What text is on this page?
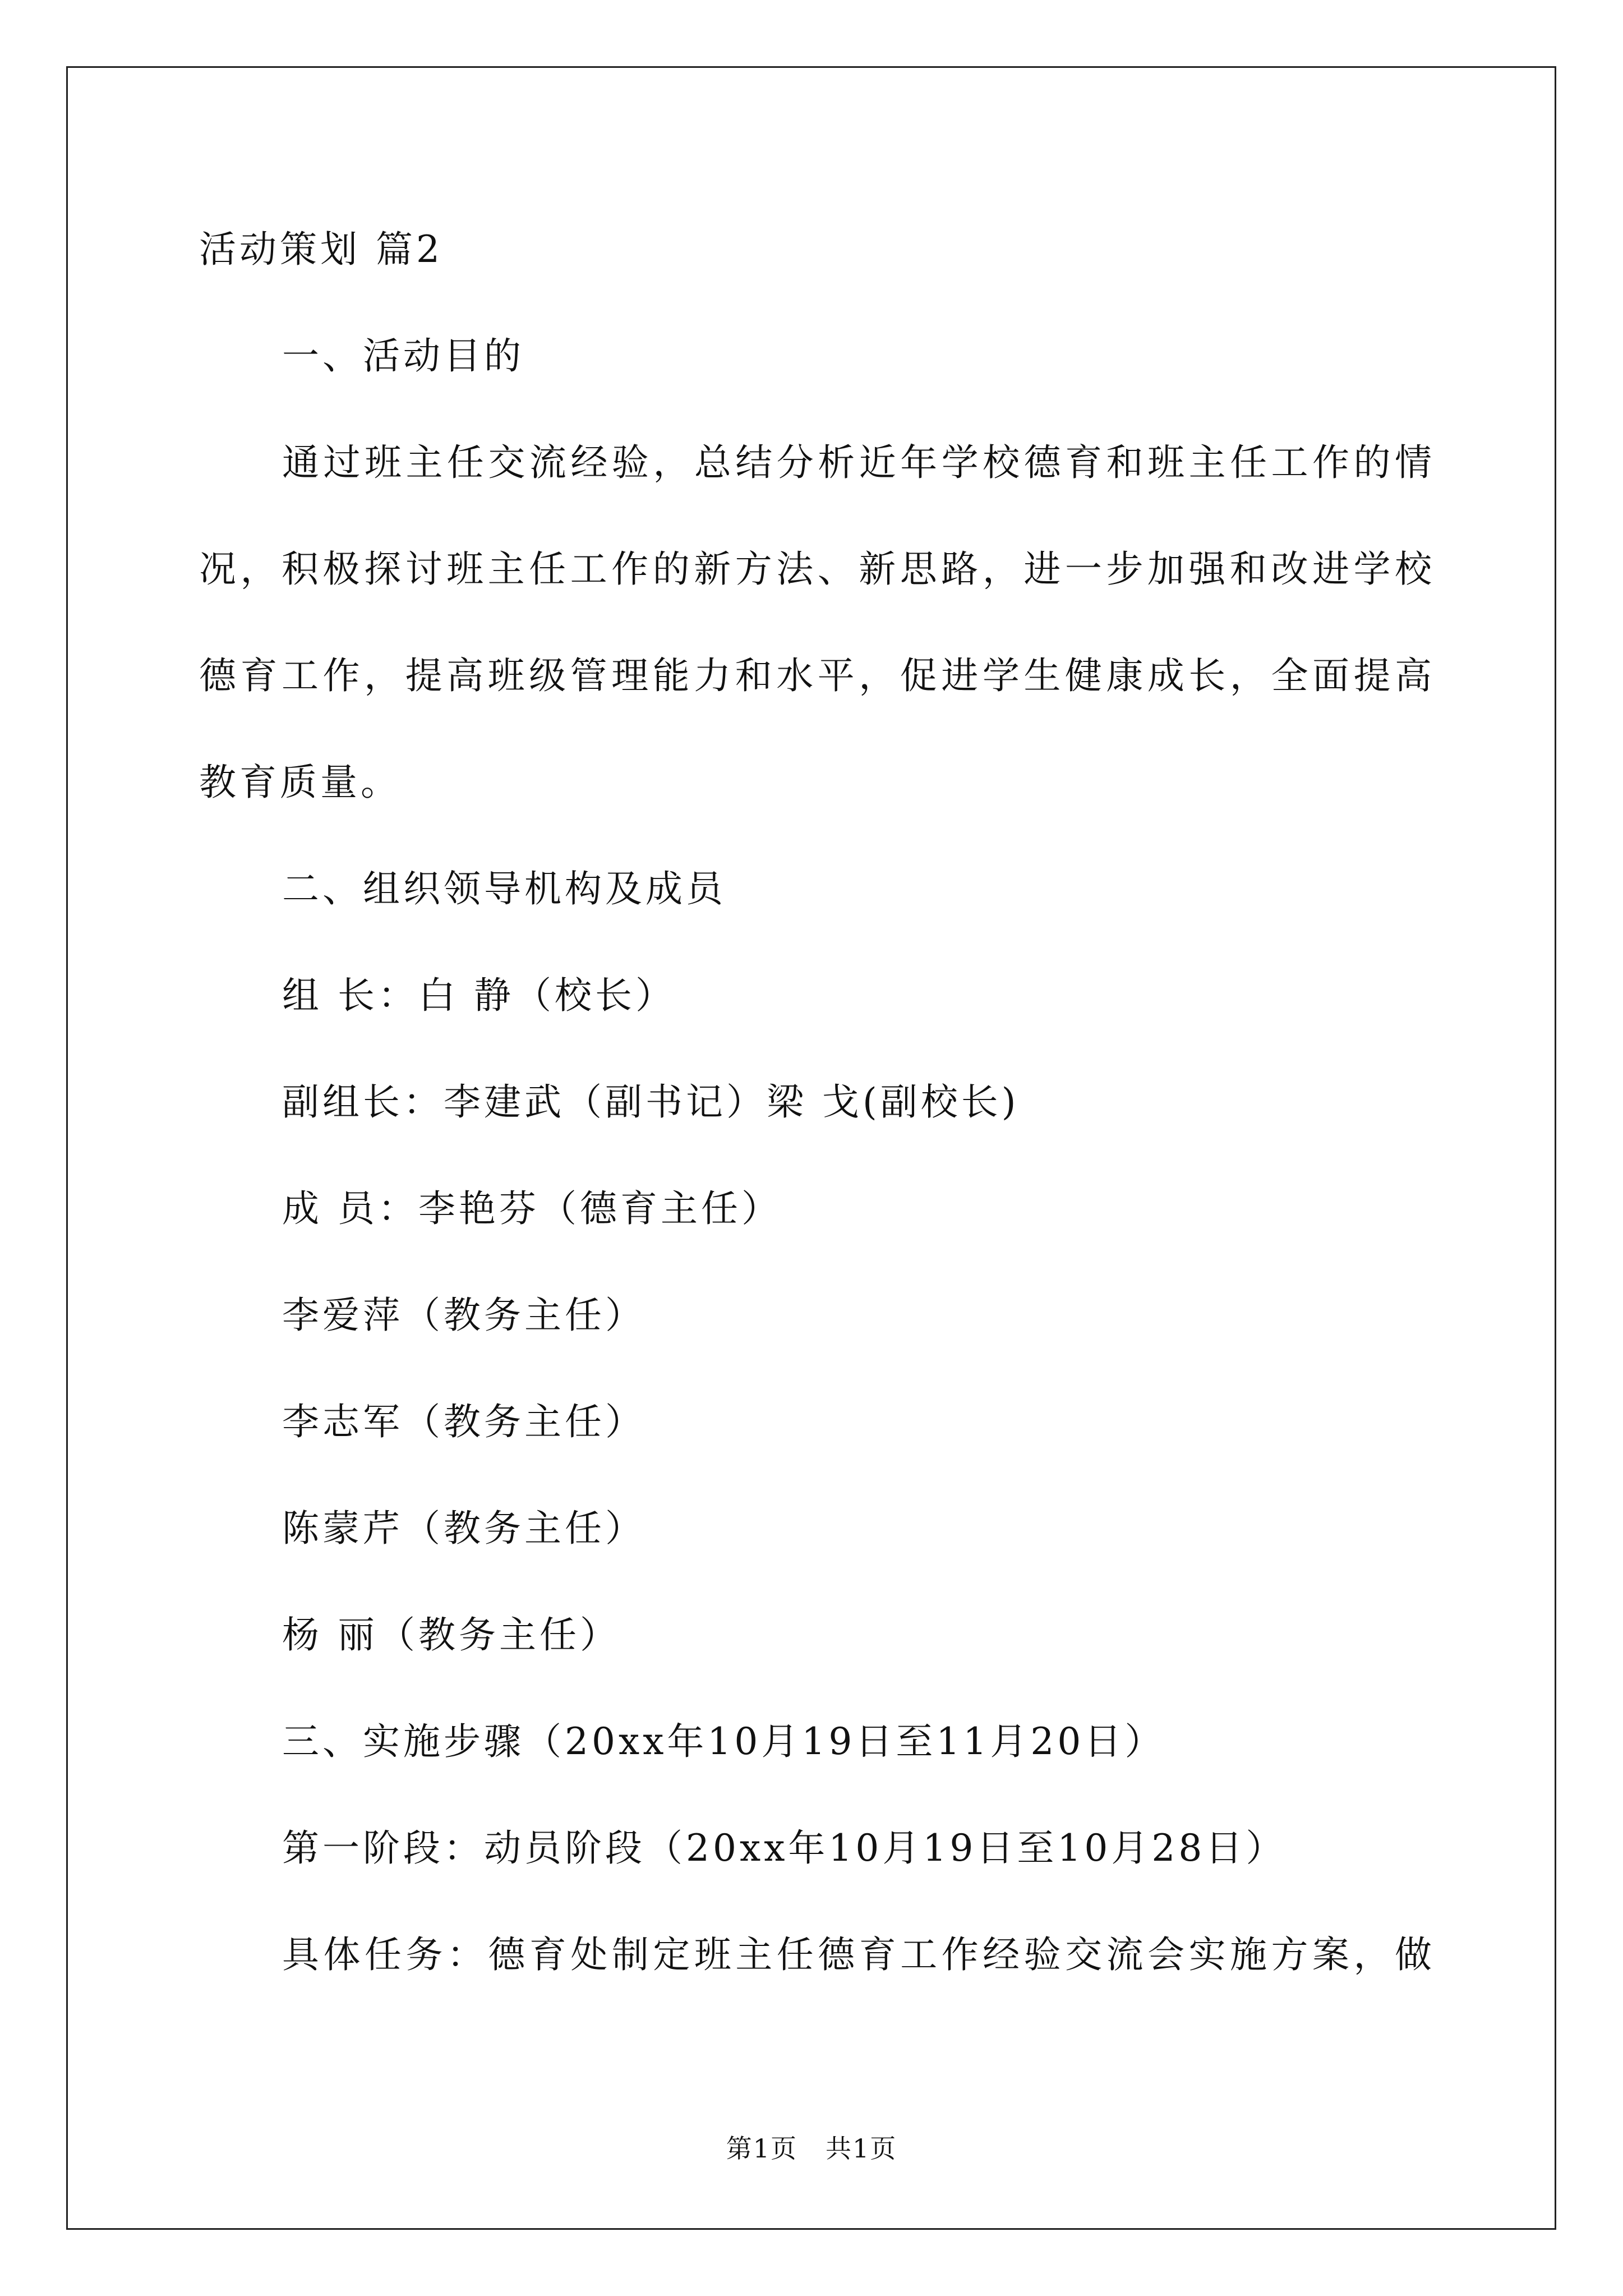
活动策划 篇2
一、活动目的
通过班主任交流经验，总结分析近年学校德育和班主任工作的情
况，积极探讨班主任工作的新方法、新思路，进一步加强和改进学校
德育工作，提高班级管理能力和水平，促进学生健康成长，全面提高
教育质量。
二、组织领导机构及成员
组 长：白 静（校长）
副组长：李建武（副书记）梁 戈(副校长)
成 员：李艳芬（德育主任）
李爱萍（教务主任）
李志军（教务主任）
陈蒙芹（教务主任）
杨 丽（教务主任）
三、实施步骤（20xx年10月19日至11月20日）
第一阶段：动员阶段（20xx年10月19日至10月28日）
具体任务：德育处制定班主任德育工作经验交流会实施方案，做
第1页 共1页
